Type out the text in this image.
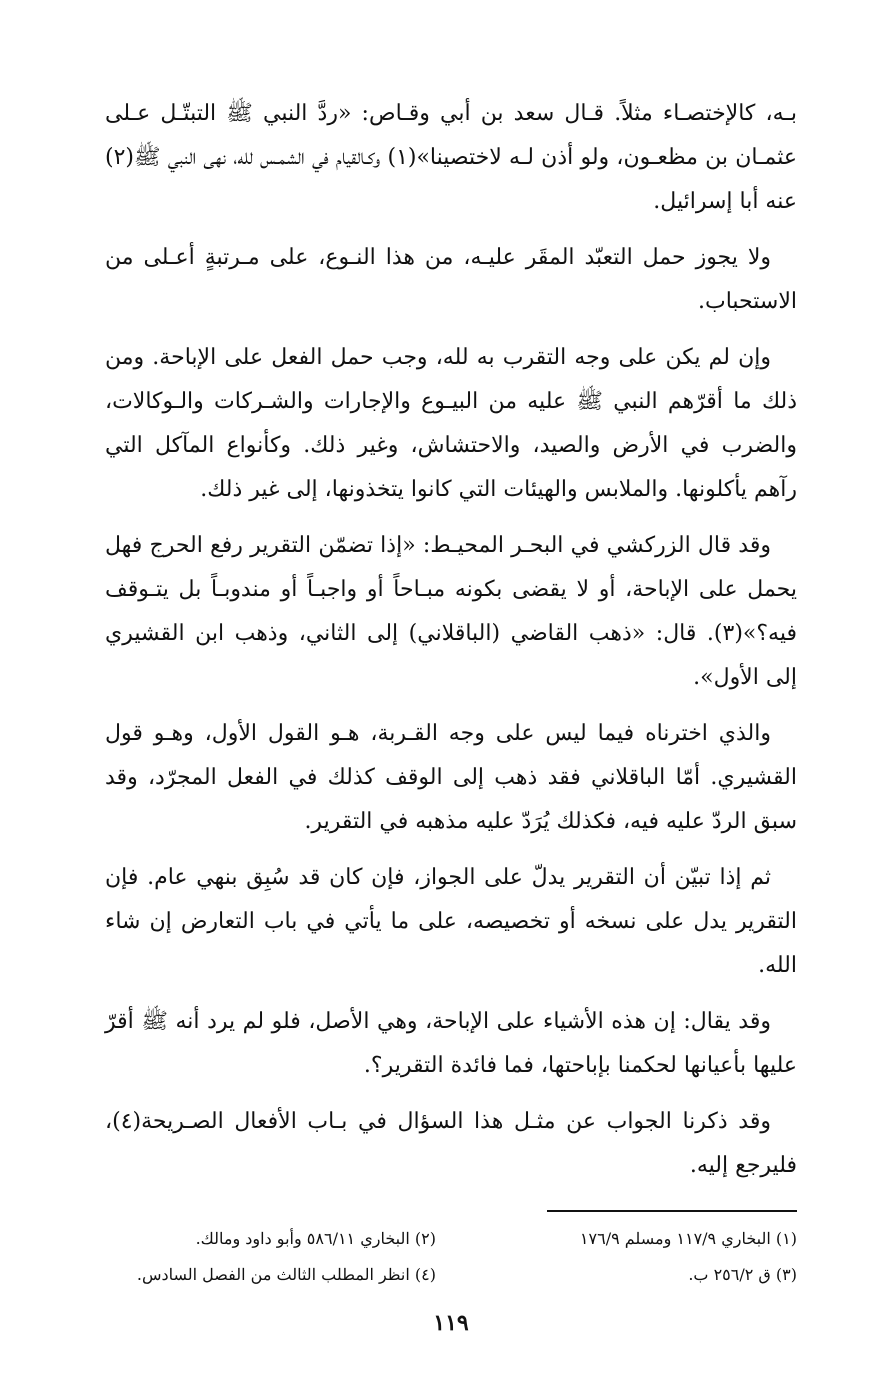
بـه، كالإختصـاء مثلاً. قـال سعد بن أبي وقـاص: «ردَّ النبي ﷺ التبتّـل عـلى عثمـان بن مظعـون، ولو أذن لـه لاختصينا»(١) وكـالقيام في الشمـس لله، نهى النبي ﷺ(٢) عنه أبا إسرائيل.

ولا يجوز حمل التعبّد المقَر عليـه، من هذا النـوع، على مـرتبةٍ أعـلى من الاستحباب.

وإن لم يكن على وجه التقرب به لله، وجب حمل الفعل على الإباحة. ومن ذلك ما أقرّهم النبي ﷺ عليه من البيـوع والإجارات والشـركات والـوكالات، والضرب في الأرض والصيد، والاحتشاش، وغير ذلك. وكأنواع المآكل التي رآهم يأكلونها. والملابس والهيئات التي كانوا يتخذونها، إلى غير ذلك.

وقد قال الزركشي في البحـر المحيـط: «إذا تضمّن التقرير رفع الحرج فهل يحمل على الإباحة، أو لا يقضى بكونه مبـاحاً أو واجبـاً أو مندوبـاً بل يتـوقف فيه؟»(٣). قال: «ذهب القاضي (الباقلاني) إلى الثاني، وذهب ابن القشيري إلى الأول».

والذي اخترناه فيما ليس على وجه القـربة، هـو القول الأول، وهـو قول القشيري. أمّا الباقلاني فقد ذهب إلى الوقف كذلك في الفعل المجرّد، وقد سبق الردّ عليه فيه، فكذلك يُرَدّ عليه مذهبه في التقرير.

ثم إذا تبيّن أن التقرير يدلّ على الجواز، فإن كان قد سُبِق بنهي عام. فإن التقرير يدل على نسخه أو تخصيصه، على ما يأتي في باب التعارض إن شاء الله.

وقد يقال: إن هذه الأشياء على الإباحة، وهي الأصل، فلو لم يرد أنه ﷺ أقرّ عليها بأعيانها لحكمنا بإباحتها، فما فائدة التقرير؟.

وقد ذكرنا الجواب عن مثـل هذا السؤال في بـاب الأفعال الصـريحة(٤)، فليرجع إليه.

(١) البخاري ١١٧/٩ ومسلم ١٧٦/٩
(٢) البخاري ٥٨٦/١١ وأبو داود ومالك.
(٣) ق ٢٥٦/٢ ب.
(٤) انظر المطلب الثالث من الفصل السادس.
١١٩
